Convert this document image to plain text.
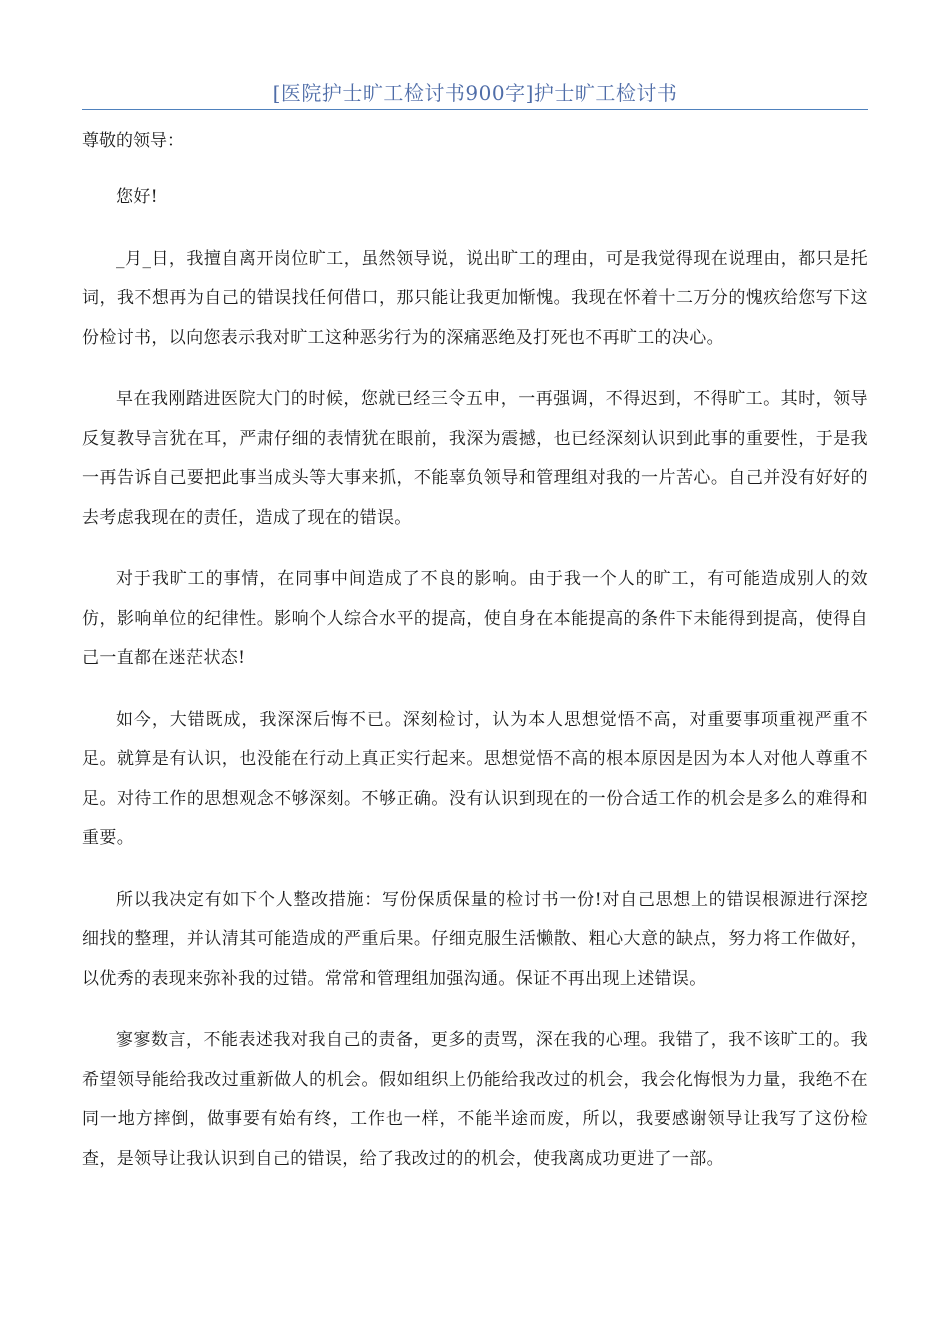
[医院护士旷工检讨书900字]护士旷工检讨书

尊敬的领导：

您好!

_月_日，我擅自离开岗位旷工，虽然领导说，说出旷工的理由，可是我觉得现在说理由，都只是托词，我不想再为自己的错误找任何借口，那只能让我更加惭愧。我现在怀着十二万分的愧疚给您写下这份检讨书，以向您表示我对旷工这种恶劣行为的深痛恶绝及打死也不再旷工的决心。

早在我刚踏进医院大门的时候，您就已经三令五申，一再强调，不得迟到，不得旷工。其时，领导反复教导言犹在耳，严肃仔细的表情犹在眼前，我深为震撼，也已经深刻认识到此事的重要性，于是我一再告诉自己要把此事当成头等大事来抓，不能辜负领导和管理组对我的一片苦心。自己并没有好好的去考虑我现在的责任，造成了现在的错误。

对于我旷工的事情，在同事中间造成了不良的影响。由于我一个人的旷工，有可能造成别人的效仿，影响单位的纪律性。影响个人综合水平的提高，使自身在本能提高的条件下未能得到提高，使得自己一直都在迷茫状态!

如今，大错既成，我深深后悔不已。深刻检讨，认为本人思想觉悟不高，对重要事项重视严重不足。就算是有认识，也没能在行动上真正实行起来。思想觉悟不高的根本原因是因为本人对他人尊重不足。对待工作的思想观念不够深刻。不够正确。没有认识到现在的一份合适工作的机会是多么的难得和重要。

所以我决定有如下个人整改措施：写份保质保量的检讨书一份!对自己思想上的错误根源进行深挖细找的整理，并认清其可能造成的严重后果。仔细克服生活懒散、粗心大意的缺点，努力将工作做好，以优秀的表现来弥补我的过错。常常和管理组加强沟通。保证不再出现上述错误。

寥寥数言，不能表述我对我自己的责备，更多的责骂，深在我的心理。我错了，我不该旷工的。我希望领导能给我改过重新做人的机会。假如组织上仍能给我改过的机会，我会化悔恨为力量，我绝不在同一地方摔倒，做事要有始有终，工作也一样，不能半途而废，所以，我要感谢领导让我写了这份检查，是领导让我认识到自己的错误，给了我改过的的机会，使我离成功更进了一部。
